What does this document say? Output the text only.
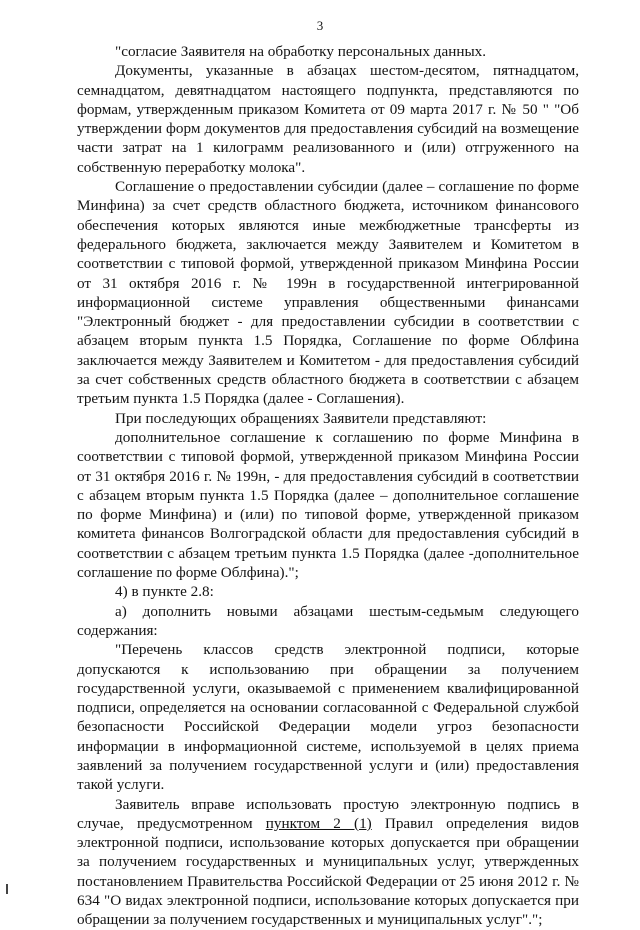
3

"согласие Заявителя на обработку персональных данных.

Документы, указанные в абзацах шестом-десятом, пятнадцатом, семнадцатом, девятнадцатом настоящего подпункта, представляются по формам, утвержденным приказом Комитета от 09 марта 2017 г. № 50 " "Об утверждении форм документов для предоставления субсидий на возмещение части затрат на 1 килограмм реализованного и (или) отгруженного на собственную переработку молока".

Соглашение о предоставлении субсидии (далее – соглашение по форме Минфина) за счет средств областного бюджета, источником финансового обеспечения которых являются иные межбюджетные трансферты из федерального бюджета, заключается между Заявителем и Комитетом в соответствии с типовой формой, утвержденной приказом Минфина России от 31 октября 2016 г. № 199н в государственной интегрированной информационной системе управления общественными финансами "Электронный бюджет - для предоставлении субсидии в соответствии с абзацем вторым пункта 1.5 Порядка, Соглашение по форме Облфина заключается между Заявителем и Комитетом - для предоставления субсидий за счет собственных средств областного бюджета в соответствии с абзацем третьим пункта 1.5 Порядка (далее - Соглашения).

При последующих обращениях Заявители представляют:

дополнительное соглашение к соглашению по форме Минфина в соответствии с типовой формой, утвержденной приказом Минфина России от 31 октября 2016 г. № 199н, - для предоставления субсидий в соответствии с абзацем вторым пункта 1.5 Порядка (далее – дополнительное соглашение по форме Минфина) и (или) по типовой форме, утвержденной приказом комитета финансов Волгоградской области для предоставления субсидий в соответствии с абзацем третьим пункта 1.5 Порядка (далее -дополнительное соглашение по форме Облфина).";

4) в пункте 2.8:

а) дополнить новыми абзацами шестым-седьмым следующего содержания:

"Перечень классов средств электронной подписи, которые допускаются к использованию при обращении за получением государственной услуги, оказываемой с применением квалифицированной подписи, определяется на основании согласованной с Федеральной службой безопасности Российской Федерации модели угроз безопасности информации в информационной системе, используемой в целях приема заявлений за получением государственной услуги и (или) предоставления такой услуги.

Заявитель вправе использовать простую электронную подпись в случае, предусмотренном пунктом 2 (1) Правил определения видов электронной подписи, использование которых допускается при обращении за получением государственных и муниципальных услуг, утвержденных постановлением Правительства Российской Федерации от 25 июня 2012 г. № 634 "О видах электронной подписи, использование которых допускается при обращении за получением государственных и муниципальных услуг".";
